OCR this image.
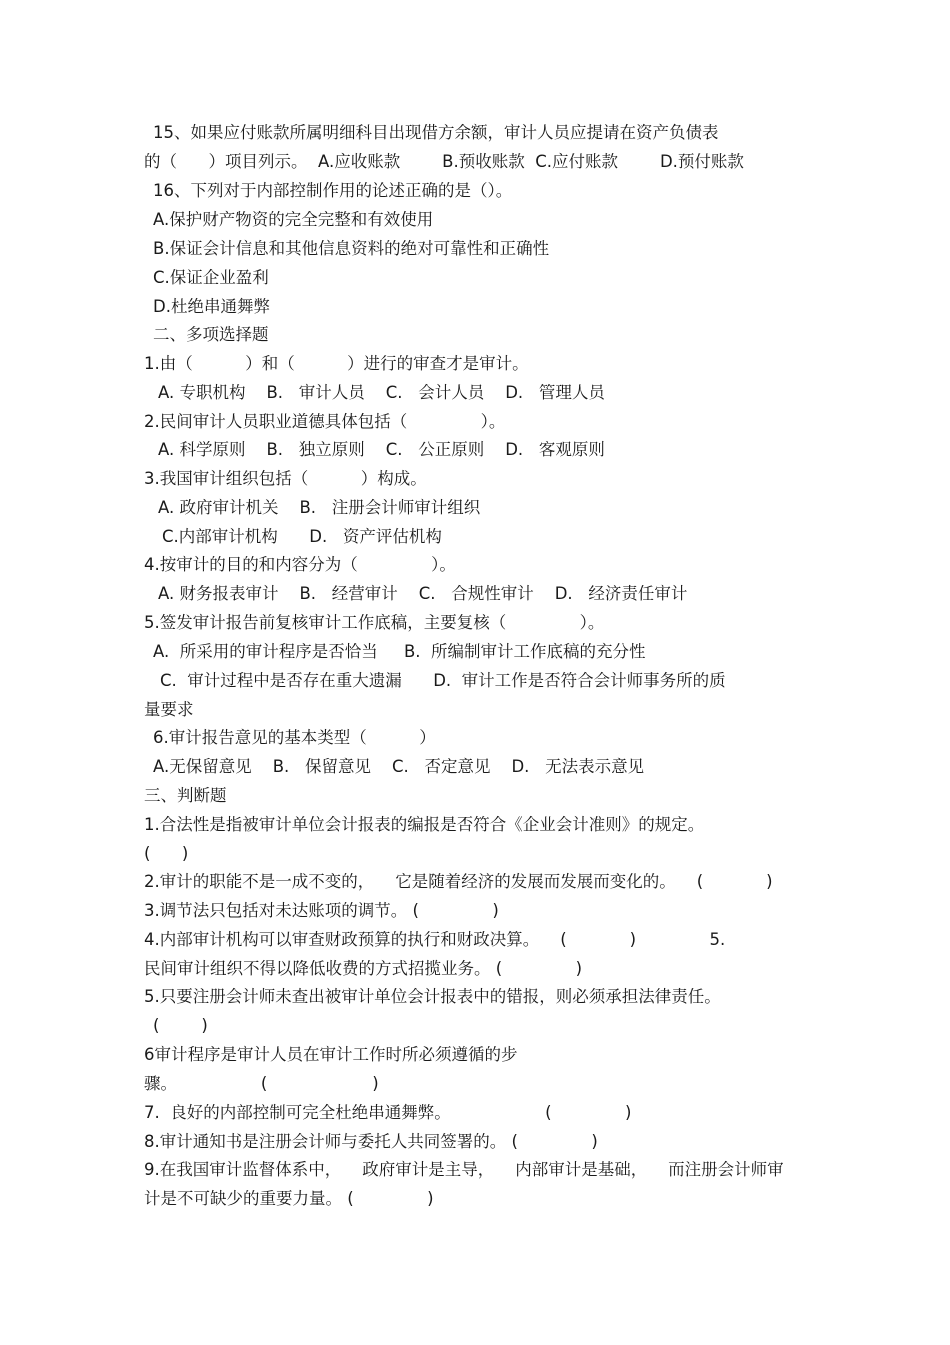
15、如果应付账款所属明细科目出现借方余额，审计人员应提请在资产负债表
的（      ）项目列示。  A.应收账款        B.预收账款  C.应付账款        D.预付账款
16、下列对于内部控制作用的论述正确的是（）。
A.保护财产物资的完全完整和有效使用
B.保证会计信息和其他信息资料的绝对可靠性和正确性
C.保证企业盈利
D.杜绝串通舞弊
二、多项选择题
1.由（          ）和（          ）进行的审查才是审计。
A. 专职机构    B.   审计人员    C.   会计人员    D.   管理人员
2.民间审计人员职业道德具体包括（              ）。
A. 科学原则    B.   独立原则    C.   公正原则    D.   客观原则
3.我国审计组织包括（          ）构成。
A. 政府审计机关    B.   注册会计师审计组织
C.内部审计机构      D.   资产评估机构
4.按审计的目的和内容分为（              ）。
A. 财务报表审计    B.   经营审计    C.   合规性审计    D.   经济责任审计
5.签发审计报告前复核审计工作底稿，主要复核（              ）。
A.  所采用的审计程序是否恰当     B.  所编制审计工作底稿的充分性
C.  审计过程中是否存在重大遗漏      D.  审计工作是否符合会计师事务所的质
量要求
6.审计报告意见的基本类型（          ）
A.无保留意见    B.   保留意见    C.   否定意见    D.   无法表示意见
三、判断题
1.合法性是指被审计单位会计报表的编报是否符合《企业会计准则》的规定。
(      )
2.审计的职能不是一成不变的，    它是随着经济的发展而发展而变化的。    (            )
3.调节法只包括对未达账项的调节。 (              )
4.内部审计机构可以审查财政预算的执行和财政决算。    (            )              5.
民间审计组织不得以降低收费的方式招揽业务。 (              )
5.只要注册会计师未查出被审计单位会计报表中的错报，则必须承担法律责任。
(        )
6审计程序是审计人员在审计工作时所必须遵循的步
骤。                (                    )
7.  良好的内部控制可完全杜绝串通舞弊。                  (              )
8.审计通知书是注册会计师与委托人共同签署的。 (              )
9.在我国审计监督体系中，    政府审计是主导，    内部审计是基础，    而注册会计师审
计是不可缺少的重要力量。 (              )
